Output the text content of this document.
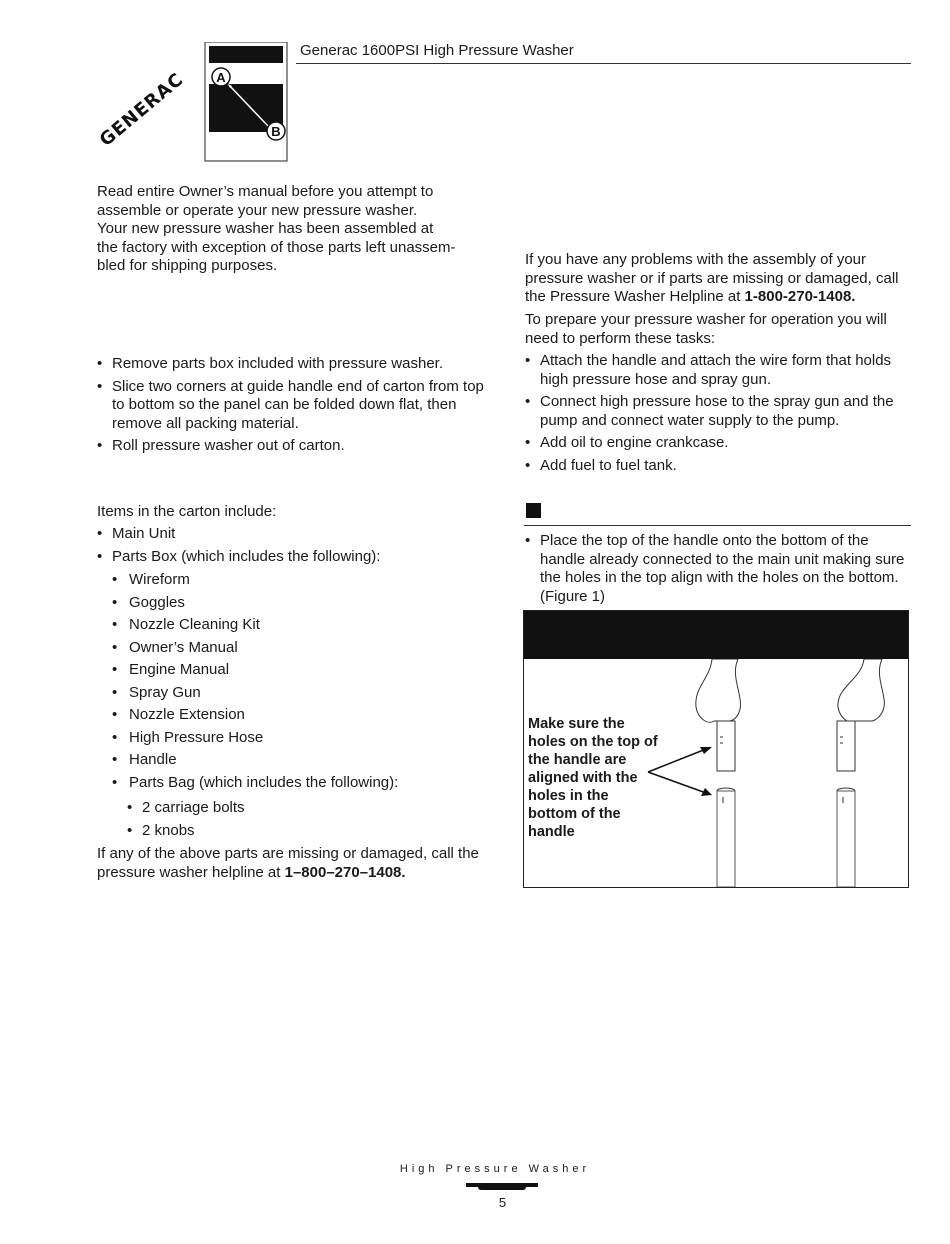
Generac 1600PSI High Pressure Washer
A
B
GENERAC
Read entire Owner’s manual before you attempt to
assemble or operate your new pressure washer.
Your new pressure washer has been assembled at
the factory with exception of those parts left unassem-
bled for shipping purposes.
• Remove parts box included with pressure washer.
• Slice two corners at guide handle end of carton from top to bottom so the panel can be folded down flat, then remove all packing material.
• Roll pressure washer out of carton.
Items in the carton include:
• Main Unit
• Parts Box (which includes the following):
• Wireform
• Goggles
• Nozzle Cleaning Kit
• Owner’s Manual
• Engine Manual
• Spray Gun
• Nozzle Extension
• High Pressure Hose
• Handle
• Parts Bag (which includes the following):
• 2 carriage bolts
• 2 knobs
If any of the above parts are missing or damaged, call the pressure washer helpline at 1–800–270–1408.
If you have any problems with the assembly of your pressure washer or if parts are missing or damaged, call the Pressure Washer Helpline at 1-800-270-1408.
To prepare your pressure washer for operation you will need to perform these tasks:
• Attach the handle and attach the wire form that holds high pressure hose and spray gun.
• Connect high pressure hose to the spray gun and the pump and connect water supply to the pump.
• Add oil to engine crankcase.
• Add fuel to fuel tank.
• Place the top of the handle onto the bottom of the handle already connected to the main unit making sure the holes in the top align with the holes on the bottom. (Figure 1)
Make sure the holes on the top of the handle are aligned with the holes in the bottom of the handle
High Pressure Washer
5
